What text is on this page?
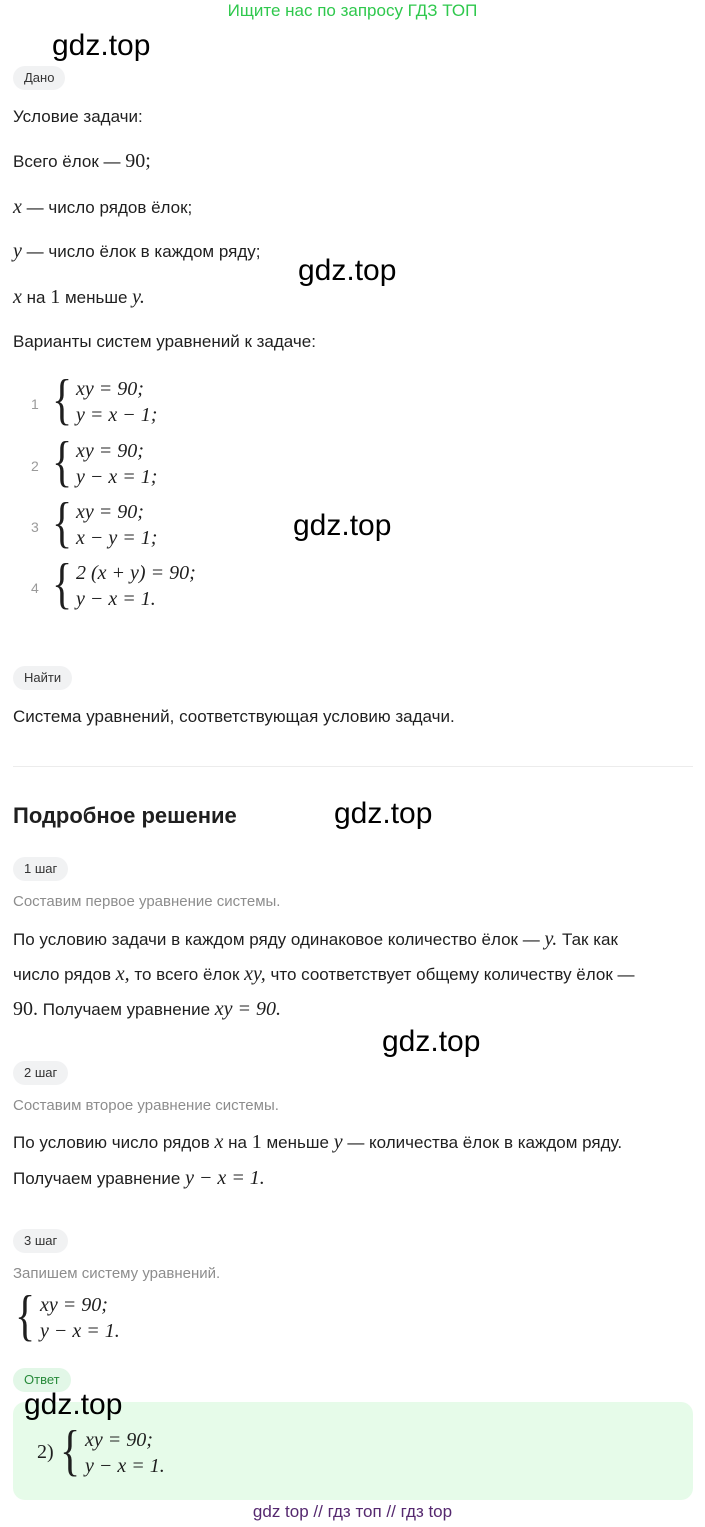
Ищите нас по запросу ГДЗ ТОП
gdz.top
gdz.top
gdz.top
gdz.top
gdz.top
Дано
Условие задачи:
Всего ёлок — 90;
x — число рядов ёлок;
y — число ёлок в каждом ряду;
x на 1 меньше y.
Варианты систем уравнений к задаче:
1 { xy = 90;
y = x − 1;
2 { xy = 90;
y − x = 1;
3 { xy = 90;
x − y = 1;
4 { 2 (x + y) = 90;
y − x = 1.
Найти
Система уравнений, соответствующая условию задачи.
Подробное решение
1 шаг
Составим первое уравнение системы.
По условию задачи в каждом ряду одинаковое количество ёлок — y. Так как
число рядов x, то всего ёлок xy, что соответствует общему количеству ёлок —
90. Получаем уравнение xy = 90.
2 шаг
Составим второе уравнение системы.
По условию число рядов x на 1 меньше y — количества ёлок в каждом ряду.
Получаем уравнение y − x = 1.
3 шаг
Запишем систему уравнений.
{ xy = 90;
y − x = 1.
Ответ
gdz.top
2) { xy = 90;
y − x = 1.
gdz top // гдз топ // гдз top
